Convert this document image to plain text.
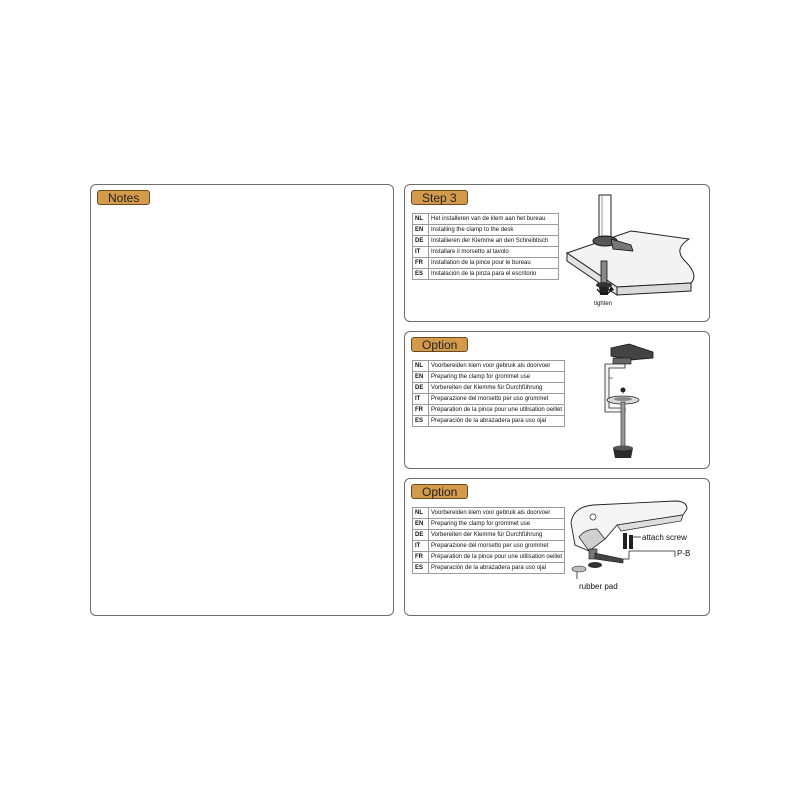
Notes	Step 3
NL	Het installeren van de klem aan het bureau
EN	Installing the clamp to the desk
DE	Installieren der Klemme an den Schreibtisch
IT	Installare il morsetto al tavolo
FR	Installation de la pince pour le bureau
ES	Instalación de la pinza para el escritorio
tighten
Option
NL	Voorbereiden klem voor gebruik als doorvoer
EN	Preparing the clamp for grommet use
DE	Vorbereiten der Klemme für Durchführung
IT	Preparazione del morsetto per uso grommet
FR	Préparation de la pince pour une utilisation oeillet
ES	Preparación de la abrazadera para uso ojal
Option
NL	Voorbereiden klem voor gebruik als doorvoer
EN	Preparing the clamp for grommet use
DE	Vorbereiten der Klemme für Durchführung
IT	Preparazione del morsetto per uso grommet
FR	Préparation de la pince pour une utilisation oeillet
ES	Preparación de la abrazadera para uso ojal
attach screw
P-B
rubber pad
